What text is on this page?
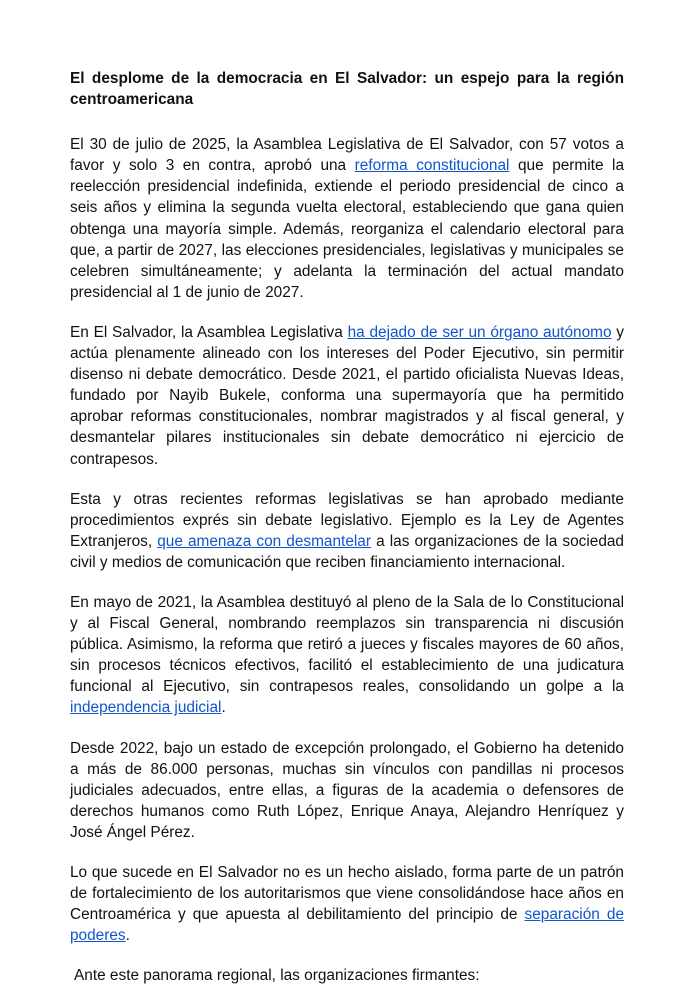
El desplome de la democracia en El Salvador: un espejo para la región centroamericana

El 30 de julio de 2025, la Asamblea Legislativa de El Salvador, con 57 votos a favor y solo 3 en contra, aprobó una reforma constitucional que permite la reelección presidencial indefinida, extiende el periodo presidencial de cinco a seis años y elimina la segunda vuelta electoral, estableciendo que gana quien obtenga una mayoría simple. Además, reorganiza el calendario electoral para que, a partir de 2027, las elecciones presidenciales, legislativas y municipales se celebren simultáneamente; y adelanta la terminación del actual mandato presidencial al 1 de junio de 2027.

En El Salvador, la Asamblea Legislativa ha dejado de ser un órgano autónomo y actúa plenamente alineado con los intereses del Poder Ejecutivo, sin permitir disenso ni debate democrático. Desde 2021, el partido oficialista Nuevas Ideas, fundado por Nayib Bukele, conforma una supermayoría que ha permitido aprobar reformas constitucionales, nombrar magistrados y al fiscal general, y desmantelar pilares institucionales sin debate democrático ni ejercicio de contrapesos.

Esta y otras recientes reformas legislativas se han aprobado mediante procedimientos exprés sin debate legislativo. Ejemplo es la Ley de Agentes Extranjeros, que amenaza con desmantelar a las organizaciones de la sociedad civil y medios de comunicación que reciben financiamiento internacional.

En mayo de 2021, la Asamblea destituyó al pleno de la Sala de lo Constitucional y al Fiscal General, nombrando reemplazos sin transparencia ni discusión pública. Asimismo, la reforma que retiró a jueces y fiscales mayores de 60 años, sin procesos técnicos efectivos, facilitó el establecimiento de una judicatura funcional al Ejecutivo, sin contrapesos reales, consolidando un golpe a la independencia judicial.

Desde 2022, bajo un estado de excepción prolongado, el Gobierno ha detenido a más de 86.000 personas, muchas sin vínculos con pandillas ni procesos judiciales adecuados, entre ellas, a figuras de la academia o defensores de derechos humanos como Ruth López, Enrique Anaya, Alejandro Henríquez y José Ángel Pérez.

Lo que sucede en El Salvador no es un hecho aislado, forma parte de un patrón de fortalecimiento de los autoritarismos que viene consolidándose hace años en Centroamérica y que apuesta al debilitamiento del principio de separación de poderes.

Ante este panorama regional, las organizaciones firmantes:
